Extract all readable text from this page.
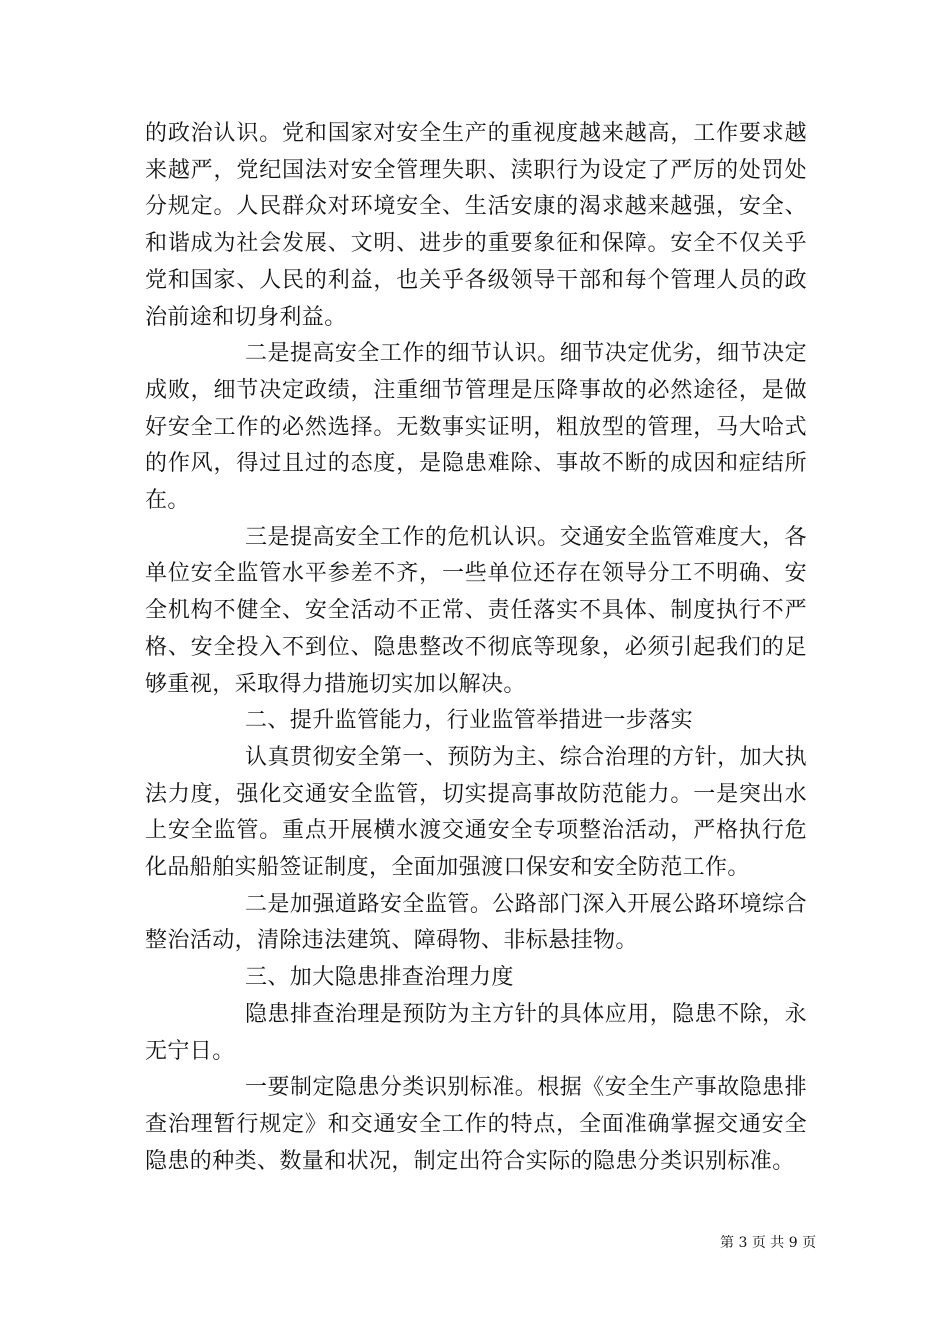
的政治认识。党和国家对安全生产的重视度越来越高，工作要求越来越严，党纪国法对安全管理失职、渎职行为设定了严厉的处罚处分规定。人民群众对环境安全、生活安康的渴求越来越强，安全、和谐成为社会发展、文明、进步的重要象征和保障。安全不仅关乎党和国家、人民的利益，也关乎各级领导干部和每个管理人员的政治前途和切身利益。

二是提高安全工作的细节认识。细节决定优劣，细节决定成败，细节决定政绩，注重细节管理是压降事故的必然途径，是做好安全工作的必然选择。无数事实证明，粗放型的管理，马大哈式的作风，得过且过的态度，是隐患难除、事故不断的成因和症结所在。

三是提高安全工作的危机认识。交通安全监管难度大，各单位安全监管水平参差不齐，一些单位还存在领导分工不明确、安全机构不健全、安全活动不正常、责任落实不具体、制度执行不严格、安全投入不到位、隐患整改不彻底等现象，必须引起我们的足够重视，采取得力措施切实加以解决。

二、提升监管能力，行业监管举措进一步落实

认真贯彻安全第一、预防为主、综合治理的方针，加大执法力度，强化交通安全监管，切实提高事故防范能力。一是突出水上安全监管。重点开展横水渡交通安全专项整治活动，严格执行危化品船舶实船签证制度，全面加强渡口保安和安全防范工作。

二是加强道路安全监管。公路部门深入开展公路环境综合整治活动，清除违法建筑、障碍物、非标悬挂物。

三、加大隐患排查治理力度

隐患排查治理是预防为主方针的具体应用，隐患不除，永无宁日。

一要制定隐患分类识别标准。根据《安全生产事故隐患排查治理暂行规定》和交通安全工作的特点，全面准确掌握交通安全隐患的种类、数量和状况，制定出符合实际的隐患分类识别标准。

第 3 页 共 9 页
